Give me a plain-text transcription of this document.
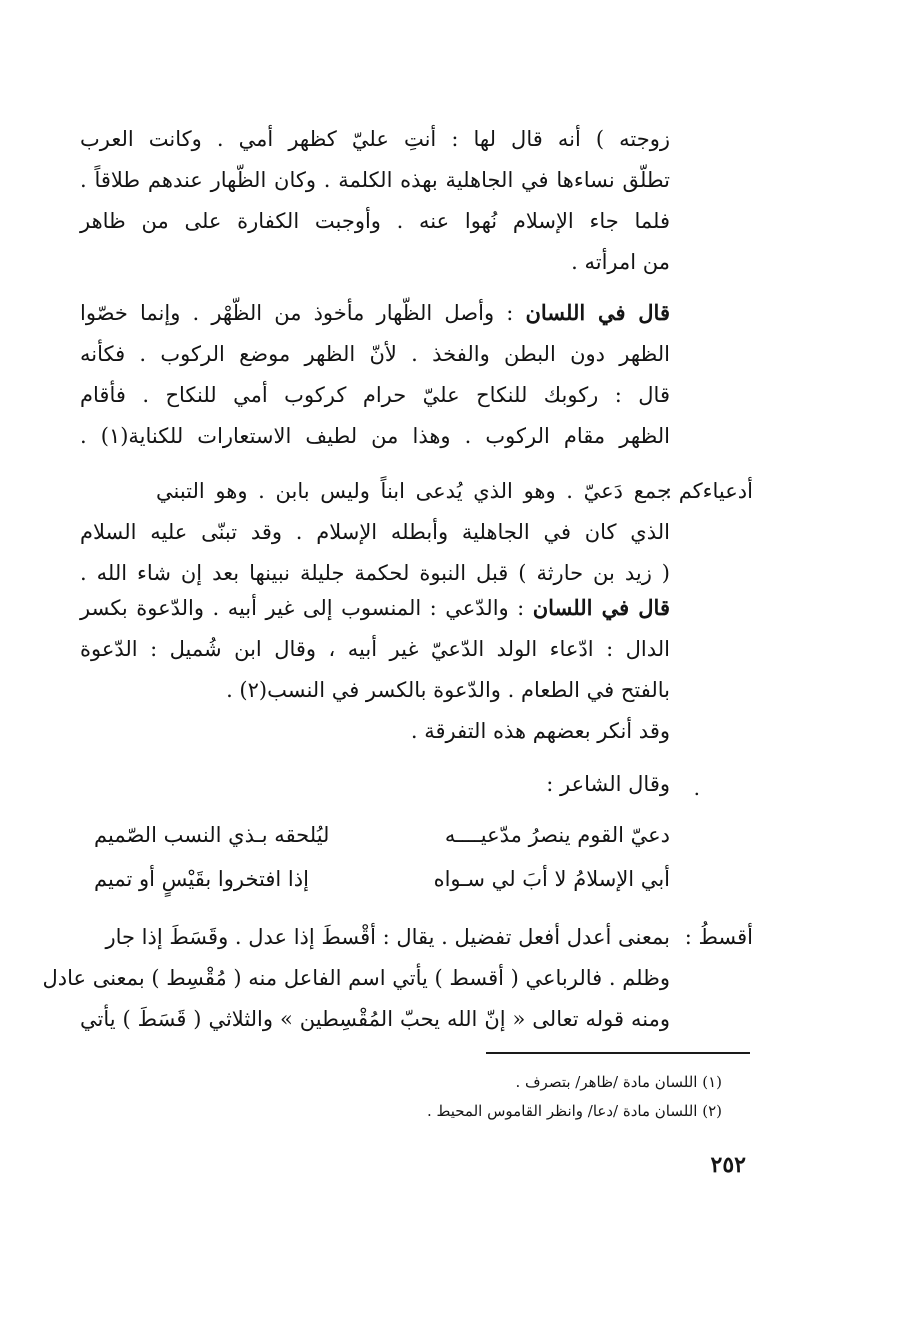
زوجته ) أنه قال لها : أنتِ عليّ كظهر أمي . وكانت العرب
تطلّق نساءها في الجاهلية بهذه الكلمة . وكان الظّهار عندهم طلاقاً .
فلما جاء الإسلام نُهوا عنه . وأوجبت الكفارة على من ظاهر
من امرأته .
قال في اللسان : وأصل الظّهار مأخوذ من الظّهْر . وإنما خصّوا
الظهر دون البطن والفخذ . لأنّ الظهر موضع الركوب . فكأنه
قال : ركوبك للنكاح عليّ حرام كركوب أمي للنكاح . فأقام
الظهر مقام الركوب . وهذا من لطيف الاستعارات للكناية(١) .
أدعياءكم :
جمع دَعيّ . وهو الذي يُدعى ابناً وليس بابن . وهو التبني
الذي كان في الجاهلية وأبطله الإسلام . وقد تبنّى عليه السلام
( زيد بن حارثة ) قبل النبوة لحكمة جليلة نبينها بعد إن شاء الله .
قال في اللسان : والدّعي : المنسوب إلى غير أبيه . والدّعوة بكسر
الدال : ادّعاء الولد الدّعيّ غير أبيه ، وقال ابن شُميل : الدّعوة
بالفتح في الطعام . والدّعوة بالكسر في النسب(٢) .
وقد أنكر بعضهم هذه التفرقة .
وقال الشاعر : .
دعيّ القوم ينصرُ مدّعيــــه
ليُلحقه بـذي النسب الصّميم
أبي الإسلامُ لا أبَ لي سـواه
إذا افتخروا بقَيْسٍ أو تميم
أقسطُ :
بمعنى أعدل أفعل تفضيل . يقال : أقْسطَ إذا عدل . وقَسَطَ إذا جار
وظلم . فالرباعي ( أقسط ) يأتي اسم الفاعل منه ( مُقْسِط ) بمعنى عادل
ومنه قوله تعالى « إنّ الله يحبّ المُقْسِطين » والثلاثي ( قَسَطَ ) يأتي
(١) اللسان مادة /ظاهر/ بتصرف .
(٢) اللسان مادة /دعا/ وانظر القاموس المحيط .
٢٥٢
